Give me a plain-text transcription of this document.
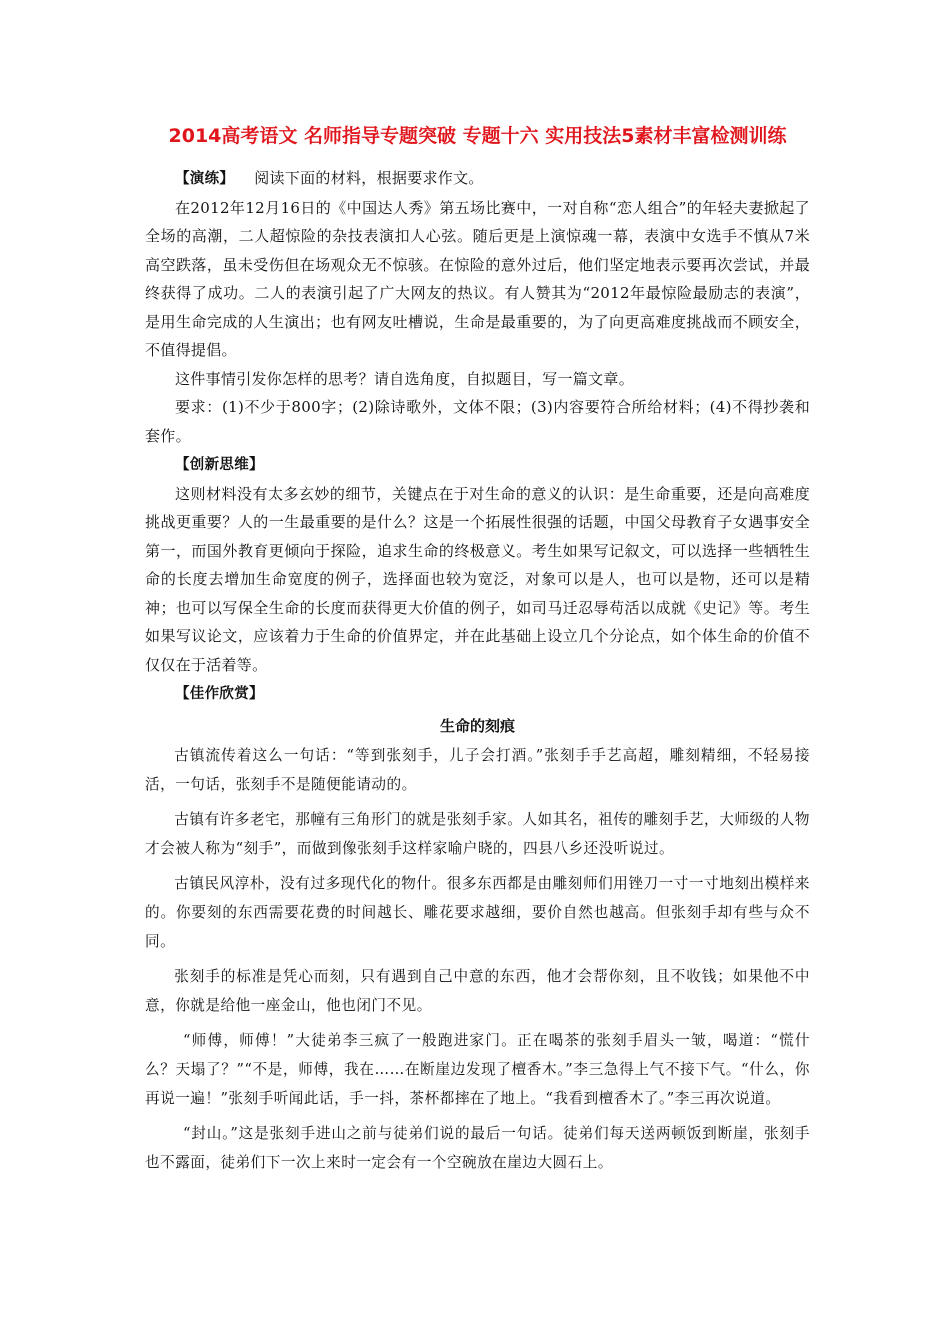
2014高考语文 名师指导专题突破 专题十六 实用技法5素材丰富检测训练

【演练】 阅读下面的材料，根据要求作文。

在2012年12月16日的《中国达人秀》第五场比赛中，一对自称“恋人组合”的年轻夫妻掀起了全场的高潮，二人超惊险的杂技表演扣人心弦。随后更是上演惊魂一幕，表演中女选手不慎从7米高空跌落，虽未受伤但在场观众无不惊骇。在惊险的意外过后，他们坚定地表示要再次尝试，并最终获得了成功。二人的表演引起了广大网友的热议。有人赞其为“2012年最惊险最励志的表演”，是用生命完成的人生演出；也有网友吐槽说，生命是最重要的，为了向更高难度挑战而不顾安全，不值得提倡。

这件事情引发你怎样的思考？请自选角度，自拟题目，写一篇文章。

要求：(1)不少于800字；(2)除诗歌外，文体不限；(3)内容要符合所给材料；(4)不得抄袭和套作。

【创新思维】

这则材料没有太多玄妙的细节，关键点在于对生命的意义的认识：是生命重要，还是向高难度挑战更重要？人的一生最重要的是什么？这是一个拓展性很强的话题，中国父母教育子女遇事安全第一，而国外教育更倾向于探险，追求生命的终极意义。考生如果写记叙文，可以选择一些牺牲生命的长度去增加生命宽度的例子，选择面也较为宽泛，对象可以是人，也可以是物，还可以是精神；也可以写保全生命的长度而获得更大价值的例子，如司马迁忍辱苟活以成就《史记》等。考生如果写议论文，应该着力于生命的价值界定，并在此基础上设立几个分论点，如个体生命的价值不仅仅在于活着等。

【佳作欣赏】

生命的刻痕

古镇流传着这么一句话：“等到张刻手，儿子会打酒。”张刻手手艺高超，雕刻精细，不轻易接活，一句话，张刻手不是随便能请动的。

古镇有许多老宅，那幢有三角形门的就是张刻手家。人如其名，祖传的雕刻手艺，大师级的人物才会被人称为“刻手”，而做到像张刻手这样家喻户晓的，四县八乡还没听说过。

古镇民风淳朴，没有过多现代化的物什。很多东西都是由雕刻师们用锉刀一寸一寸地刻出模样来的。你要刻的东西需要花费的时间越长、雕花要求越细，要价自然也越高。但张刻手却有些与众不同。

张刻手的标准是凭心而刻，只有遇到自己中意的东西，他才会帮你刻，且不收钱；如果他不中意，你就是给他一座金山，他也闭门不见。

“师傅，师傅！”大徒弟李三疯了一般跑进家门。正在喝茶的张刻手眉头一皱，喝道：“慌什么？天塌了？”“不是，师傅，我在……在断崖边发现了檀香木。”李三急得上气不接下气。“什么，你再说一遍！”张刻手听闻此话，手一抖，茶杯都摔在了地上。“我看到檀香木了。”李三再次说道。

“封山。”这是张刻手进山之前与徒弟们说的最后一句话。徒弟们每天送两顿饭到断崖，张刻手也不露面，徒弟们下一次上来时一定会有一个空碗放在崖边大圆石上。
